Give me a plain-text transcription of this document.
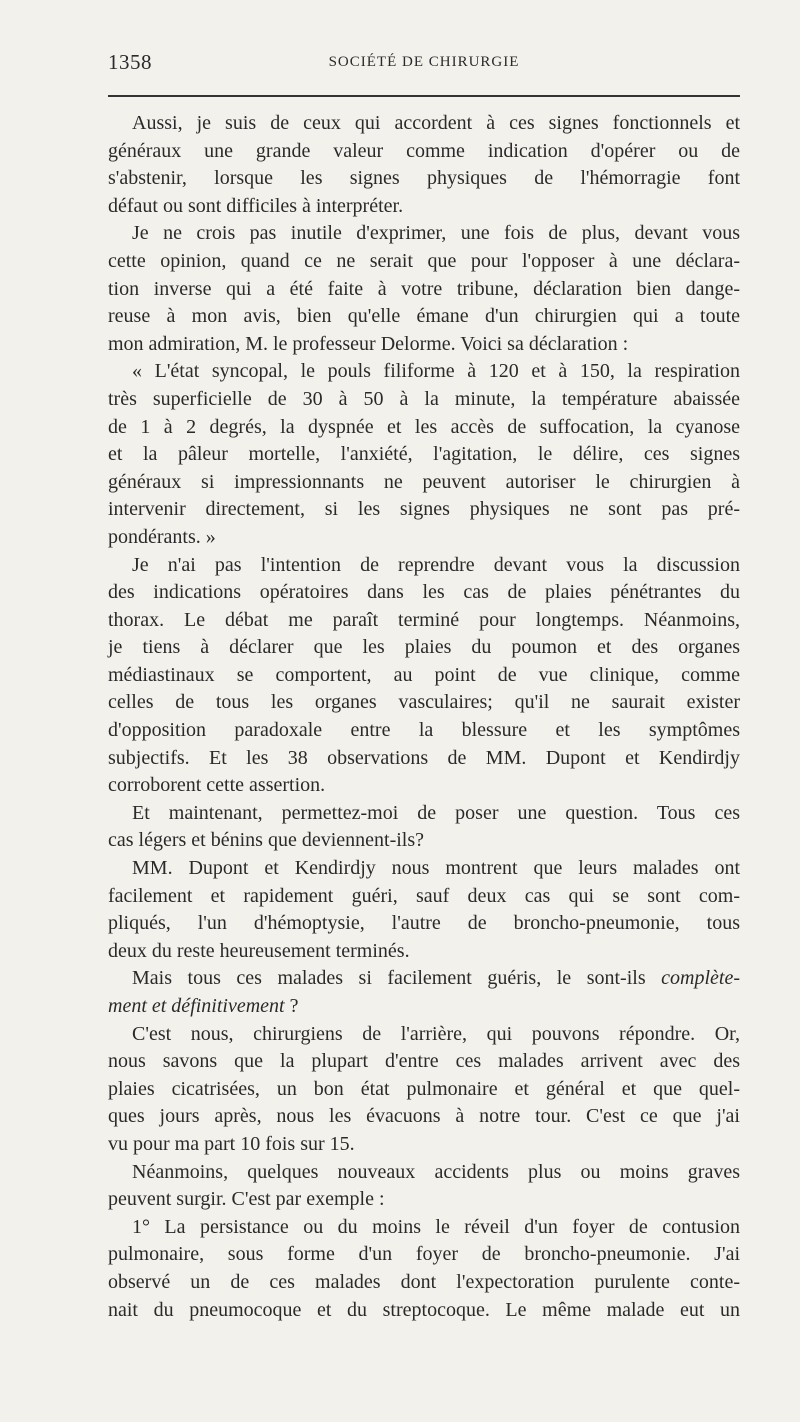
1358	SOCIÉTÉ DE CHIRURGIE
Aussi, je suis de ceux qui accordent à ces signes fonctionnels et
généraux une grande valeur comme indication d'opérer ou de
s'abstenir, lorsque les signes physiques de l'hémorragie font
défaut ou sont difficiles à interpréter.
Je ne crois pas inutile d'exprimer, une fois de plus, devant vous
cette opinion, quand ce ne serait que pour l'opposer à une déclara-
tion inverse qui a été faite à votre tribune, déclaration bien dange-
reuse à mon avis, bien qu'elle émane d'un chirurgien qui a toute
mon admiration, M. le professeur Delorme. Voici sa déclaration :
« L'état syncopal, le pouls filiforme à 120 et à 150, la respiration
très superficielle de 30 à 50 à la minute, la température abaissée
de 1 à 2 degrés, la dyspnée et les accès de suffocation, la cyanose
et la pâleur mortelle, l'anxiété, l'agitation, le délire, ces signes
généraux si impressionnants ne peuvent autoriser le chirurgien à
intervenir directement, si les signes physiques ne sont pas pré-
pondérants. »
Je n'ai pas l'intention de reprendre devant vous la discussion
des indications opératoires dans les cas de plaies pénétrantes du
thorax. Le débat me paraît terminé pour longtemps. Néanmoins,
je tiens à déclarer que les plaies du poumon et des organes
médiastinaux se comportent, au point de vue clinique, comme
celles de tous les organes vasculaires; qu'il ne saurait exister
d'opposition paradoxale entre la blessure et les symptômes
subjectifs. Et les 38 observations de MM. Dupont et Kendirdjy
corroborent cette assertion.
Et maintenant, permettez-moi de poser une question. Tous ces
cas légers et bénins que deviennent-ils?
MM. Dupont et Kendirdjy nous montrent que leurs malades ont
facilement et rapidement guéri, sauf deux cas qui se sont com-
pliqués, l'un d'hémoptysie, l'autre de broncho-pneumonie, tous
deux du reste heureusement terminés.
Mais tous ces malades si facilement guéris, le sont-ils complète-
ment et définitivement ?
C'est nous, chirurgiens de l'arrière, qui pouvons répondre. Or,
nous savons que la plupart d'entre ces malades arrivent avec des
plaies cicatrisées, un bon état pulmonaire et général et que quel-
ques jours après, nous les évacuons à notre tour. C'est ce que j'ai
vu pour ma part 10 fois sur 15.
Néanmoins, quelques nouveaux accidents plus ou moins graves
peuvent surgir. C'est par exemple :
1° La persistance ou du moins le réveil d'un foyer de contusion
pulmonaire, sous forme d'un foyer de broncho-pneumonie. J'ai
observé un de ces malades dont l'expectoration purulente conte-
nait du pneumocoque et du streptocoque. Le même malade eut un
